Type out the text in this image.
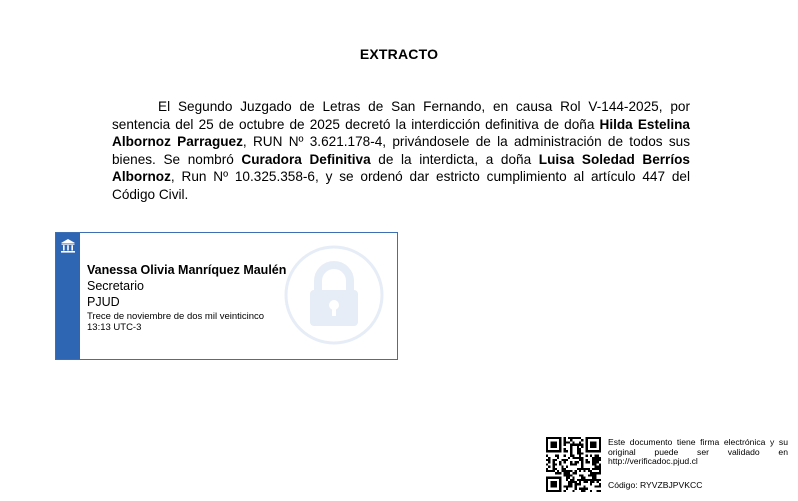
EXTRACTO
El Segundo Juzgado de Letras de San Fernando, en causa Rol V-144-2025, por sentencia del 25 de octubre de 2025 decretó la interdicción definitiva de doña Hilda Estelina Albornoz Parraguez, RUN Nº 3.621.178-4, privándosele de la administración de todos sus bienes. Se nombró Curadora Definitiva de la interdicta, a doña Luisa Soledad Berríos Albornoz, Run Nº 10.325.358-6, y se ordenó dar estricto cumplimiento al artículo 447 del Código Civil.
Vanessa Olivia Manríquez Maulén
Secretario
PJUD
Trece de noviembre de dos mil veinticinco
13:13 UTC-3
Este documento tiene firma electrónica y su original puede ser validado en http://verificadoc.pjud.cl
Código: RYVZBJPVKCC
